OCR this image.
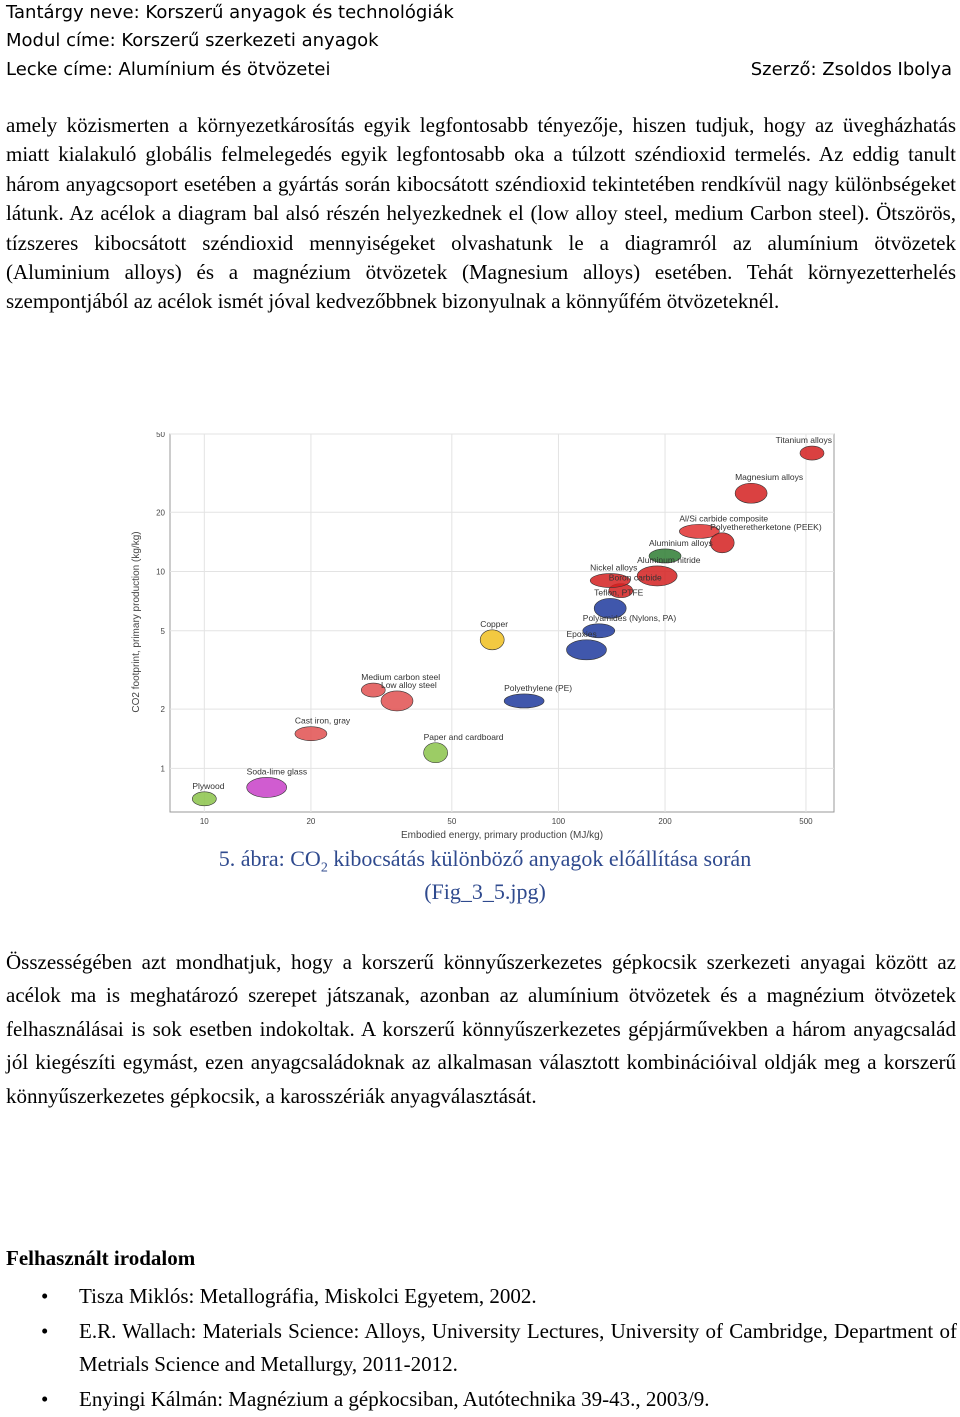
Tantárgy neve: Korszerű anyagok és technológiák
Modul címe: Korszerű szerkezeti anyagok
Lecke címe: Alumínium és ötvözetei	Szerző: Zsoldos Ibolya

amely közismerten a környezetkárosítás egyik legfontosabb tényezője, hiszen tudjuk, hogy az üvegházhatás miatt kialakuló globális felmelegedés egyik legfontosabb oka a túlzott széndioxid termelés. Az eddig tanult három anyagcsoport esetében a gyártás során kibocsátott széndioxid tekintetében rendkívül nagy különbségeket látunk. Az acélok a diagram bal alsó részén helyezkednek el (low alloy steel, medium Carbon steel). Ötszörös, tízszeres kibocsátott széndioxid mennyiségeket olvashatunk le a diagramról az alumínium ötvözetek (Aluminium alloys) és a magnézium ötvözetek (Magnesium alloys) esetében. Tehát környezetterhelés szempontjából az acélok ismét jóval kedvezőbbnek bizonyulnak a könnyűfém ötvözeteknél.

Titanium alloys
Magnesium alloys
Al/Si carbide composite
Polyetheretherketone (PEEK)
Aluminium alloys
Aluminum nitride
Boron carbide
Teflon, PTFE
Nickel alloys
Copper
Polyamides (Nylons, PA)
Epoxies
Medium carbon steel
Low alloy steel	Polyethylene (PE)
Paper and cardboard
Cast iron, gray
Soda-lime glass
Plywood
10	20	50	100	200	500
1
2
5
10
20
50
Embodied energy, primary production (MJ/kg)
CO2 footprint, primary production (kg/kg)
5. ábra: $CO_2$ kibocsátás különböző anyagok előállítása során
(Fig_3_5.jpg)

Összességében azt mondhatjuk, hogy a korszerű könnyűszerkezetes gépkocsik szerkezeti anyagai között az acélok ma is meghatározó szerepet játszanak, azonban az alumínium ötvözetek és a magnézium ötvözetek felhasználásai is sok esetben indokoltak. A korszerű könnyűszerkezetes gépjárművekben a három anyagcsalád jól kiegészíti egymást, ezen anyagcsaládoknak az alkalmasan választott kombinációival oldják meg a korszerű könnyűszerkezetes gépkocsik, a karosszériák anyagválasztását.

Felhasznált irodalom
• Tisza Miklós: Metallográfia, Miskolci Egyetem, 2002.
• E.R. Wallach: Materials Science: Alloys, University Lectures, University of Cambridge, Department of Metrials Science and Metallurgy, 2011-2012.
• Enyingi Kálmán: Magnézium a gépkocsiban, Autótechnika 39-43., 2003/9.
